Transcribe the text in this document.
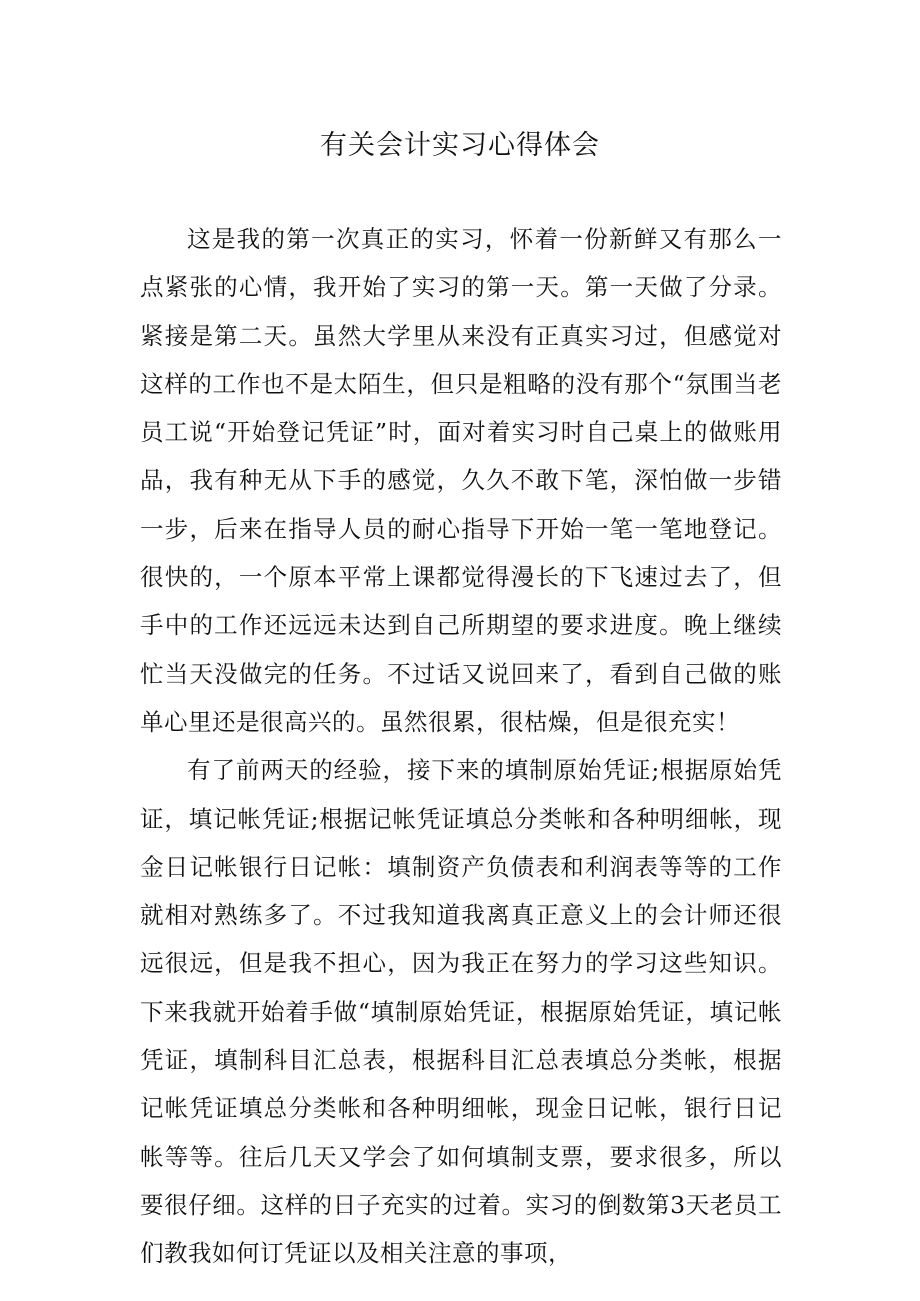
有关会计实习心得体会

这是我的第一次真正的实习，怀着一份新鲜又有那么一点紧张的心情，我开始了实习的第一天。第一天做了分录。紧接是第二天。虽然大学里从来没有正真实习过，但感觉对这样的工作也不是太陌生，但只是粗略的没有那个“氛围当老员工说“开始登记凭证”时，面对着实习时自己桌上的做账用品，我有种无从下手的感觉，久久不敢下笔，深怕做一步错一步，后来在指导人员的耐心指导下开始一笔一笔地登记。很快的，一个原本平常上课都觉得漫长的下飞速过去了，但手中的工作还远远未达到自己所期望的要求进度。晚上继续忙当天没做完的任务。不过话又说回来了，看到自己做的账单心里还是很高兴的。虽然很累，很枯燥，但是很充实！

有了前两天的经验，接下来的填制原始凭证;根据原始凭证，填记帐凭证;根据记帐凭证填总分类帐和各种明细帐，现金日记帐银行日记帐：填制资产负债表和利润表等等的工作就相对熟练多了。不过我知道我离真正意义上的会计师还很远很远，但是我不担心，因为我正在努力的学习这些知识。下来我就开始着手做“填制原始凭证，根据原始凭证，填记帐凭证，填制科目汇总表，根据科目汇总表填总分类帐，根据记帐凭证填总分类帐和各种明细帐，现金日记帐，银行日记帐等等。往后几天又学会了如何填制支票，要求很多，所以要很仔细。这样的日子充实的过着。实习的倒数第3天老员工们教我如何订凭证以及相关注意的事项，
